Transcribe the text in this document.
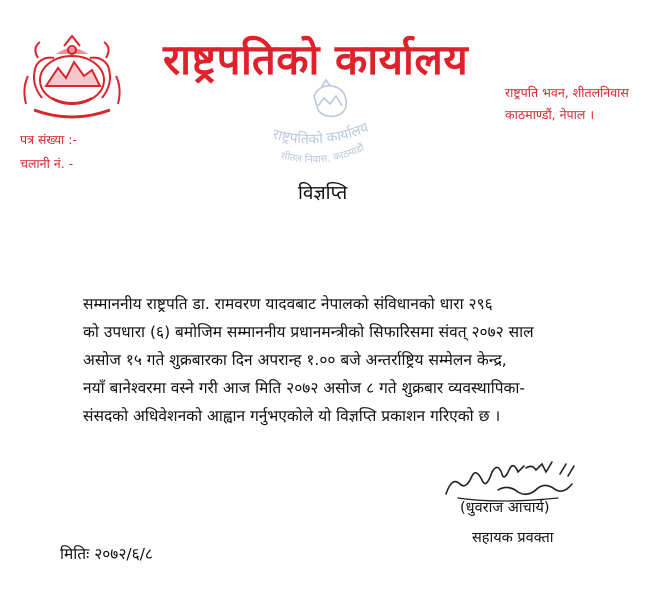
राष्ट्रपतिको कार्यालय
राष्ट्रपति भवन, शीतलनिवास
काठमाण्डौं, नेपाल ।
राष्ट्रपतिको कार्यालय
शीतल निवास, काठमाडौं
पत्र संख्या :-
चलानी नं. -
विज्ञप्ति
सम्माननीय राष्ट्रपति डा. रामवरण यादवबाट नेपालको संविधानको धारा २९६
को उपधारा (६) बमोजिम सम्माननीय प्रधानमन्त्रीको सिफारिसमा संवत् २०७२ साल
असोज १५ गते शुक्रबारका दिन अपरान्ह १.०० बजे अन्तर्राष्ट्रिय सम्मेलन केन्द्र,
नयाँ बानेश्वरमा वस्ने गरी आज मिति २०७२ असोज ८ गते शुक्रबार व्यवस्थापिका-
संसदको अधिवेशनको आह्वान गर्नुभएकोले यो विज्ञप्ति प्रकाशन गरिएको छ ।
(धुवराज आचार्य)
सहायक प्रवक्ता
मितिः २०७२/६/८
